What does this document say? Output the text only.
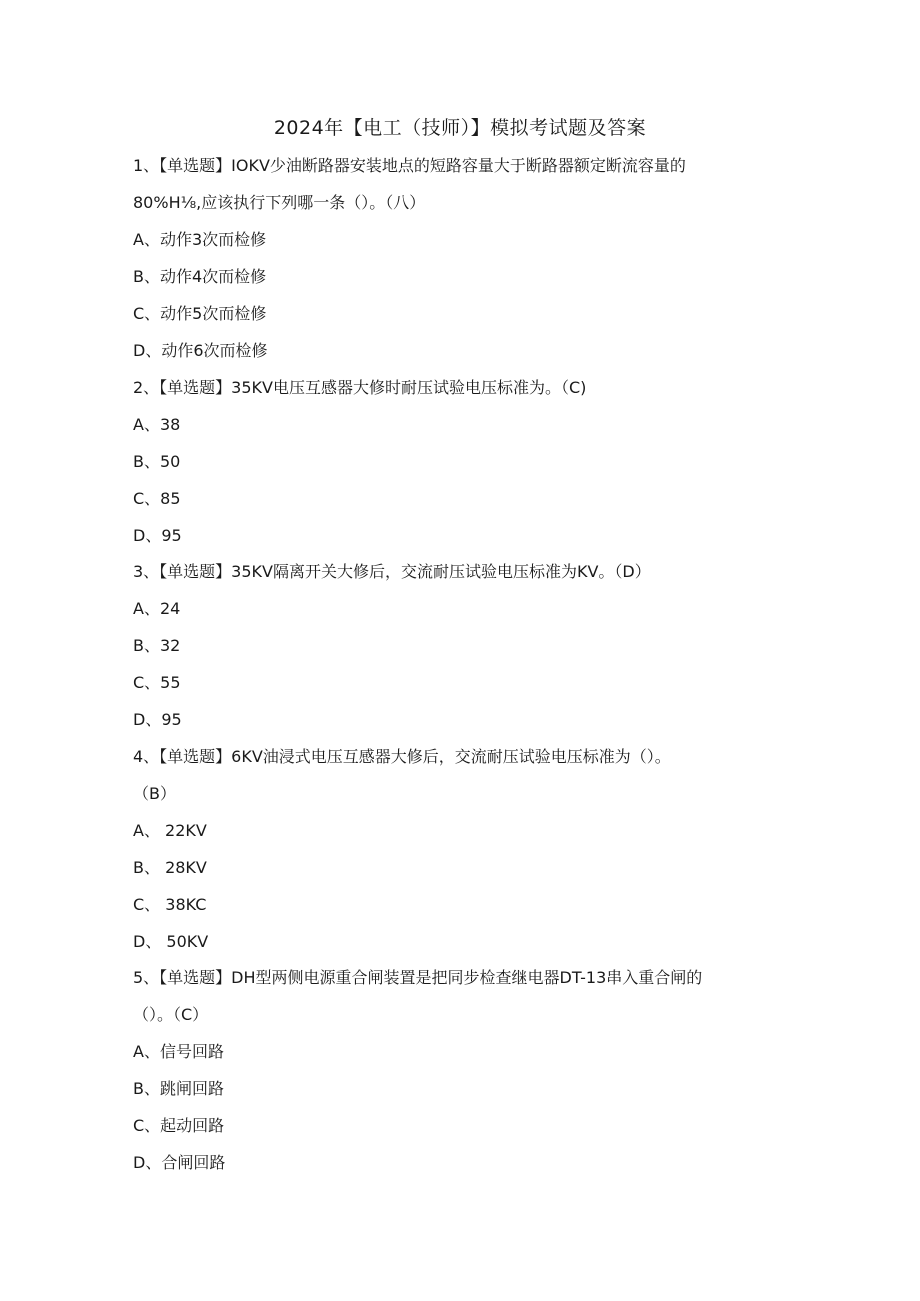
2024年【电工（技师）】模拟考试题及答案
1、【单选题】IOKV少油断路器安装地点的短路容量大于断路器额定断流容量的
80%H⅛,应该执行下列哪一条（）。（八）
A、动作3次而检修
B、动作4次而检修
C、动作5次而检修
D、动作6次而检修
2、【单选题】35KV电压互感器大修时耐压试验电压标准为。（C)
A、38
B、50
C、85
D、95
3、【单选题】35KV隔离开关大修后，交流耐压试验电压标准为KV。（D）
A、24
B、32
C、55
D、95
4、【单选题】6KV油浸式电压互感器大修后，交流耐压试验电压标准为（）。
（B）
A、 22KV
B、 28KV
C、 38KC
D、 50KV
5、【单选题】DH型两侧电源重合闸装置是把同步检查继电器DT-13串入重合闸的
（）。（C）
A、信号回路
B、跳闸回路
C、起动回路
D、合闸回路
